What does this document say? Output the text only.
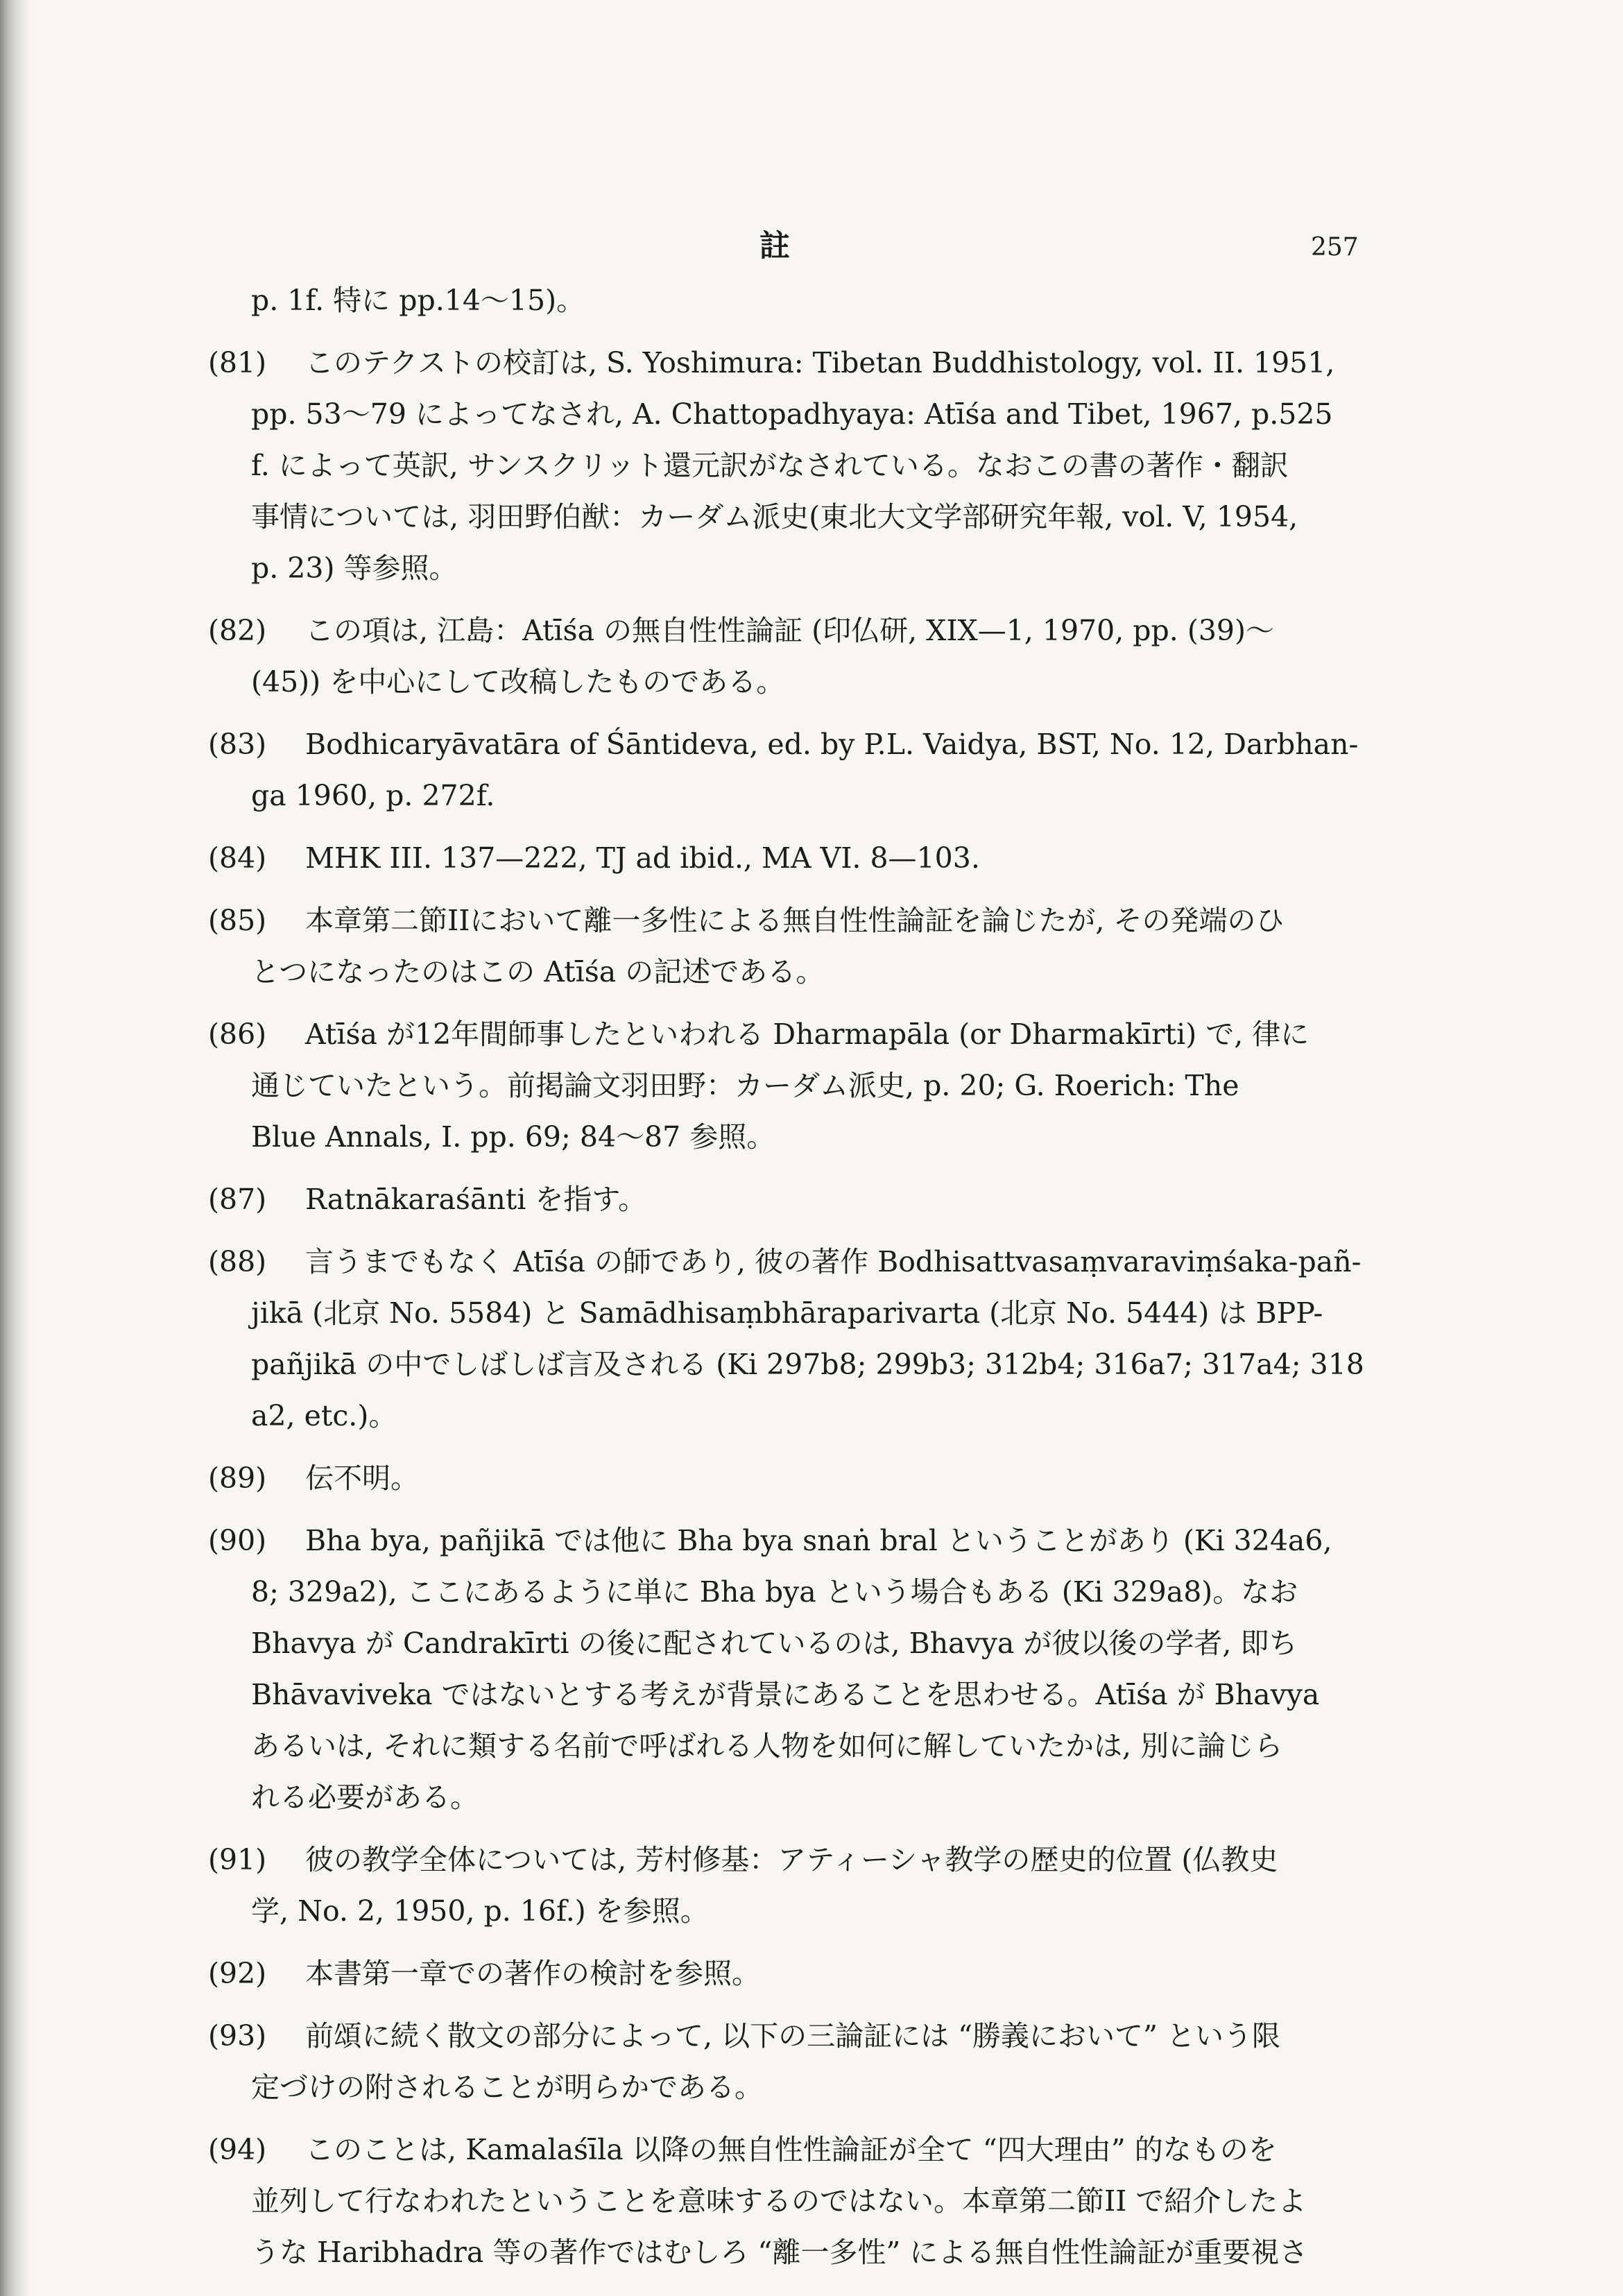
註	257
p. 1f. 特に pp.14～15)。
(81) このテクストの校訂は, S. Yoshimura: Tibetan Buddhistology, vol. II. 1951,
pp. 53～79 によってなされ, A. Chattopadhyaya: Atīśa and Tibet, 1967, p.525
f. によって英訳, サンスクリット還元訳がなされている。なおこの書の著作・翻訳
事情については, 羽田野伯猷：カーダム派史(東北大文学部研究年報, vol. V, 1954,
p. 23) 等参照。
(82) この項は, 江島：Atīśa の無自性性論証 (印仏研, XIX—1, 1970, pp. (39)～
(45)) を中心にして改稿したものである。
(83) Bodhicaryāvatāra of Śāntideva, ed. by P.L. Vaidya, BST, No. 12, Darbhan-
ga 1960, p. 272f.
(84) MHK III. 137—222, TJ ad ibid., MA VI. 8—103.
(85) 本章第二節IIにおいて離一多性による無自性性論証を論じたが, その発端のひ
とつになったのはこの Atīśa の記述である。
(86) Atīśa が12年間師事したといわれる Dharmapāla (or Dharmakīrti) で, 律に
通じていたという。前掲論文羽田野：カーダム派史, p. 20; G. Roerich: The
Blue Annals, I. pp. 69; 84～87 参照。
(87) Ratnākaraśānti を指す。
(88) 言うまでもなく Atīśa の師であり, 彼の著作 Bodhisattvasaṃvaraviṃśaka-pañ-
jikā (北京 No. 5584) と Samādhisaṃbhāraparivarta (北京 No. 5444) は BPP-
pañjikā の中でしばしば言及される (Ki 297b8; 299b3; 312b4; 316a7; 317a4; 318
a2, etc.)。
(89) 伝不明。
(90) Bha bya, pañjikā では他に Bha bya snaṅ bral ということがあり (Ki 324a6,
8; 329a2), ここにあるように単に Bha bya という場合もある (Ki 329a8)。なお
Bhavya が Candrakīrti の後に配されているのは, Bhavya が彼以後の学者, 即ち
Bhāvaviveka ではないとする考えが背景にあることを思わせる。Atīśa が Bhavya
あるいは, それに類する名前で呼ばれる人物を如何に解していたかは, 別に論じら
れる必要がある。
(91) 彼の教学全体については, 芳村修基：アティーシャ教学の歴史的位置 (仏教史
学, No. 2, 1950, p. 16f.) を参照。
(92) 本書第一章での著作の検討を参照。
(93) 前頌に続く散文の部分によって, 以下の三論証には “勝義において” という限
定づけの附されることが明らかである。
(94) このことは, Kamalaśīla 以降の無自性性論証が全て “四大理由” 的なものを
並列して行なわれたということを意味するのではない。本章第二節II で紹介したよ
うな Haribhadra 等の著作ではむしろ “離一多性” による無自性性論証が重要視さ
